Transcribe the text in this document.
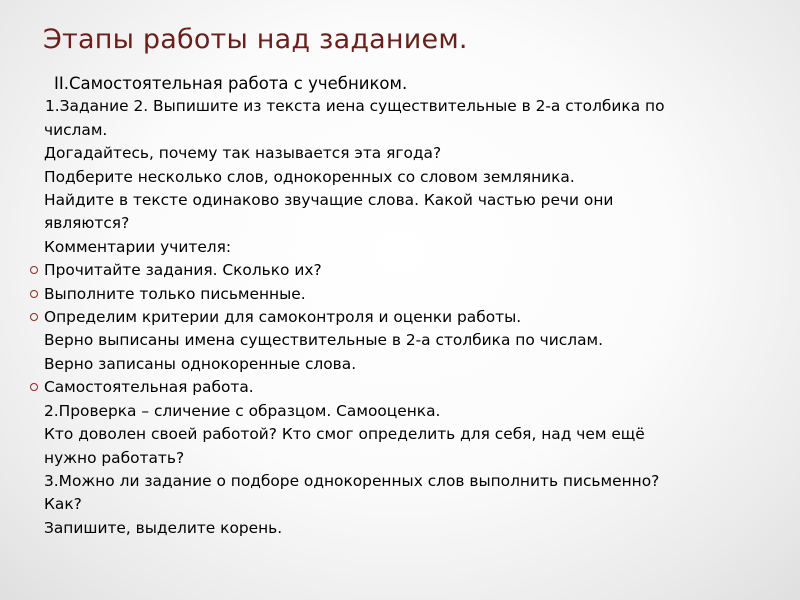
Этапы работы над заданием.
II.Самостоятельная работа с учебником.
1.Задание 2. Выпишите из текста иена существительные в 2-а столбика по
числам.
Догадайтесь, почему так называется эта ягода?
Подберите несколько слов, однокоренных со словом земляника.
Найдите в тексте одинаково звучащие слова. Какой частью речи они
являются?
Комментарии учителя:
Прочитайте задания. Сколько их?
Выполните только письменные.
Определим критерии для самоконтроля и оценки работы.
Верно выписаны имена существительные в 2-а столбика по числам.
Верно записаны однокоренные слова.
Самостоятельная работа.
2.Проверка – сличение с образцом. Самооценка.
Кто доволен своей работой? Кто смог определить для себя, над чем ещё
нужно работать?
3.Можно ли задание о подборе однокоренных слов выполнить письменно?
Как?
Запишите, выделите корень.
